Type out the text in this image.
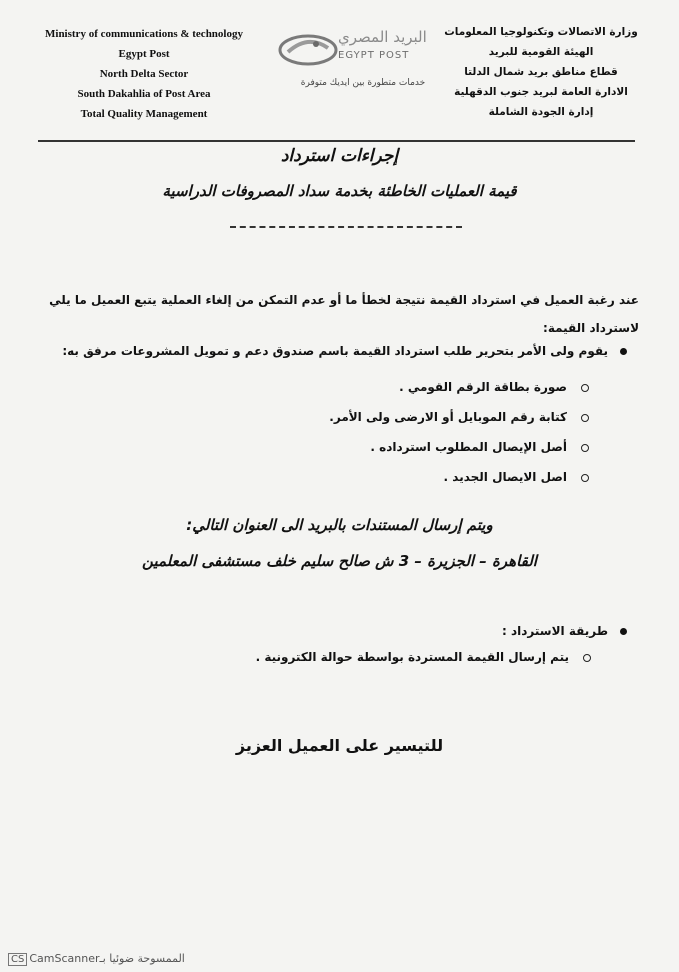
Ministry of communications & technology
Egypt Post
North Delta Sector
South Dakahlia of Post Area
Total Quality Management
البريد المصري
EGYPT POST
خدمات متطورة بين ايديك متوفرة
وزارة الاتصالات وتكنولوجيا المعلومات
الهيئة القومية للبريد
قطاع مناطق بريد شمال الدلتا
الادارة العامة لبريد جنوب الدقهلية
إدارة الجودة الشاملة
إجراءات استرداد
قيمة العمليات الخاطئة بخدمة سداد المصروفات الدراسية
عند رغبة العميل في استرداد القيمة نتيجة لخطأ ما أو عدم التمكن من إلغاء العملية يتبع العميل ما يلي لاسترداد القيمة:
يقوم ولى الأمر بتحرير طلب استرداد القيمة باسم صندوق دعم و تمويل المشروعات مرفق به:
صورة بطاقة الرقم القومي .
كتابة رقم الموبايل أو الارضى ولى الأمر.
أصل الإيصال المطلوب استرداده .
اصل الايصال الجديد .
ويتم إرسال المستندات بالبريد الى العنوان التالي:
القاهرة – الجزيرة – 3 ش صالح سليم خلف مستشفى المعلمين
طريقة الاسترداد :
يتم إرسال القيمة المستردة بواسطة حوالة الكترونية .
للتيسير على العميل العزيز
CS CamScannerالممسوحة ضوئيا بـ
